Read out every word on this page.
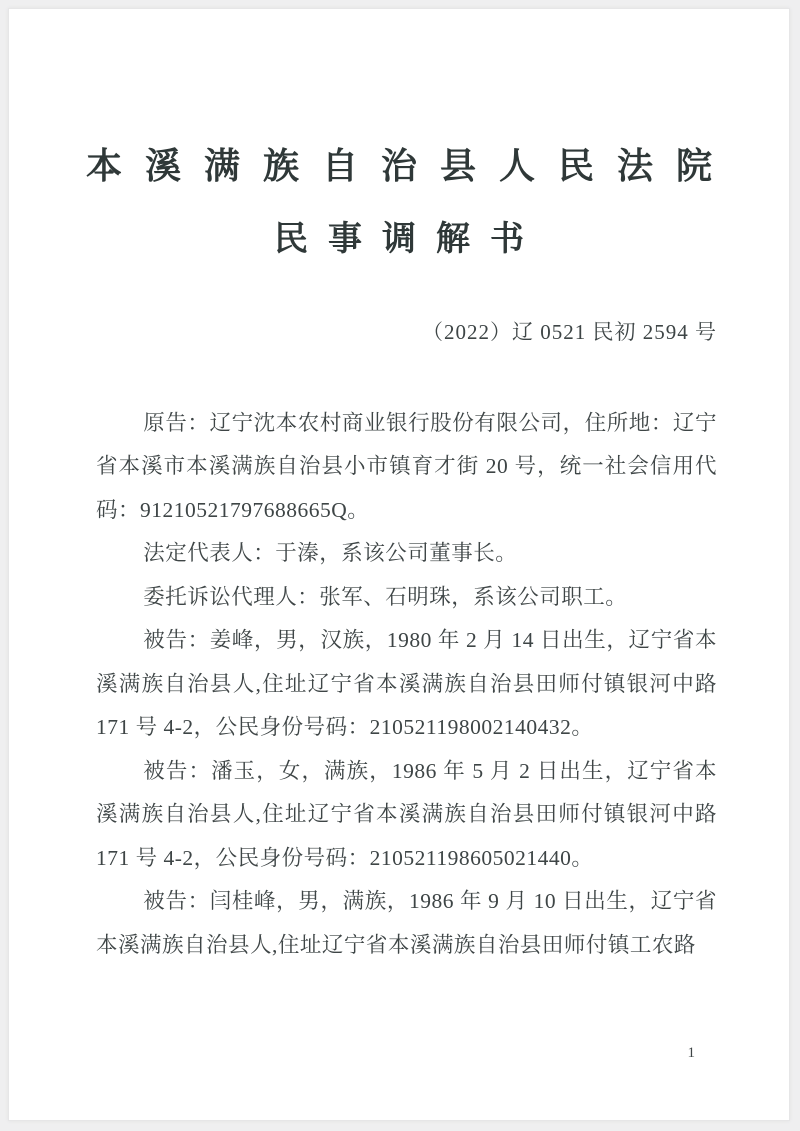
本溪满族自治县人民法院
民事调解书
（2022）辽 0521 民初 2594 号

原告：辽宁沈本农村商业银行股份有限公司，住所地：辽宁省本溪市本溪满族自治县小市镇育才街 20 号，统一社会信用代码：91210521797688665Q。

法定代表人：于溱，系该公司董事长。

委托诉讼代理人：张军、石明珠，系该公司职工。

被告：姜峰，男，汉族，1980 年 2 月 14 日出生，辽宁省本溪满族自治县人,住址辽宁省本溪满族自治县田师付镇银河中路 171 号 4-2，公民身份号码：210521198002140432。

被告：潘玉，女，满族，1986 年 5 月 2 日出生，辽宁省本溪满族自治县人,住址辽宁省本溪满族自治县田师付镇银河中路 171 号 4-2，公民身份号码：210521198605021440。

被告：闫桂峰，男，满族，1986 年 9 月 10 日出生，辽宁省本溪满族自治县人,住址辽宁省本溪满族自治县田师付镇工农路

1
